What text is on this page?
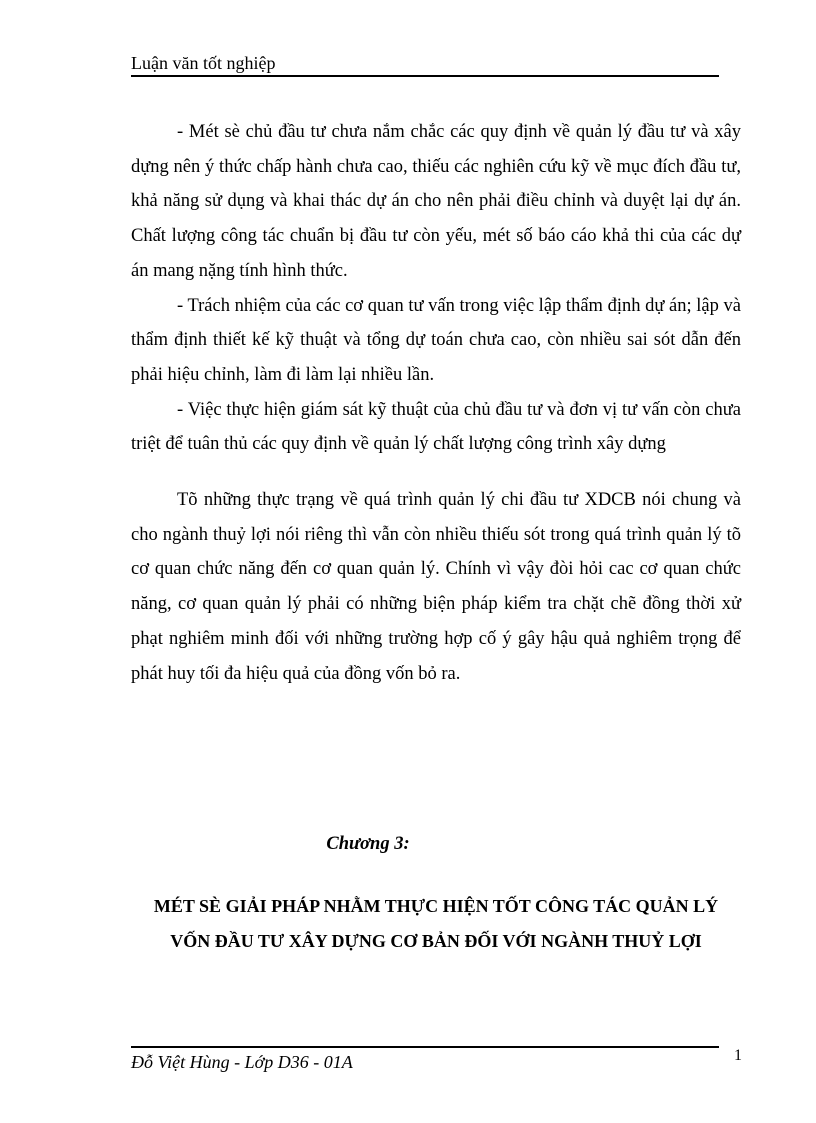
Luận văn tốt nghiệp

- Mét sè chủ đầu tư chưa nắm chắc các quy định về quản lý đầu tư và xây dựng nên ý thức chấp hành chưa cao, thiếu các nghiên cứu kỹ về mục đích đầu tư, khả năng sử dụng và khai thác dự án cho nên phải điều chỉnh và duyệt lại dự án. Chất lượng công tác chuẩn bị đầu tư còn yếu, mét số báo cáo khả thi của các dự án mang nặng tính hình thức.

- Trách nhiệm của các cơ quan tư vấn trong việc lập thẩm định dự án; lập và thẩm định thiết kế kỹ thuật và tổng dự toán chưa cao, còn nhiều sai sót dẫn đến phải hiệu chỉnh, làm đi làm lại nhiều lần.

- Việc thực hiện giám sát kỹ thuật của chủ đầu tư và đơn vị tư vấn còn chưa triệt để tuân thủ các quy định về quản lý chất lượng công trình xây dựng

Tõ những thực trạng về quá trình quản lý chi đầu tư XDCB nói chung và cho ngành thuỷ lợi nói riêng thì vẫn còn nhiều thiếu sót trong quá trình quản lý tõ cơ quan chức năng đến cơ quan quản lý. Chính vì vậy đòi hỏi cac cơ quan chức năng, cơ quan quản lý phải có những biện pháp kiểm tra chặt chẽ đồng thời xử phạt nghiêm minh đối với những trường hợp cố ý gây hậu quả nghiêm trọng để phát huy tối đa hiệu quả của đồng vốn bỏ ra.

Chương 3:
MÉT SÈ GIẢI PHÁP NHẰM THỰC HIỆN TỐT CÔNG TÁC QUẢN LÝ
VỐN ĐẦU TƯ XÂY DỰNG CƠ BẢN ĐỐI VỚI NGÀNH THUỶ LỢI
Đỗ Việt Hùng - Lớp D36 - 01A	1
